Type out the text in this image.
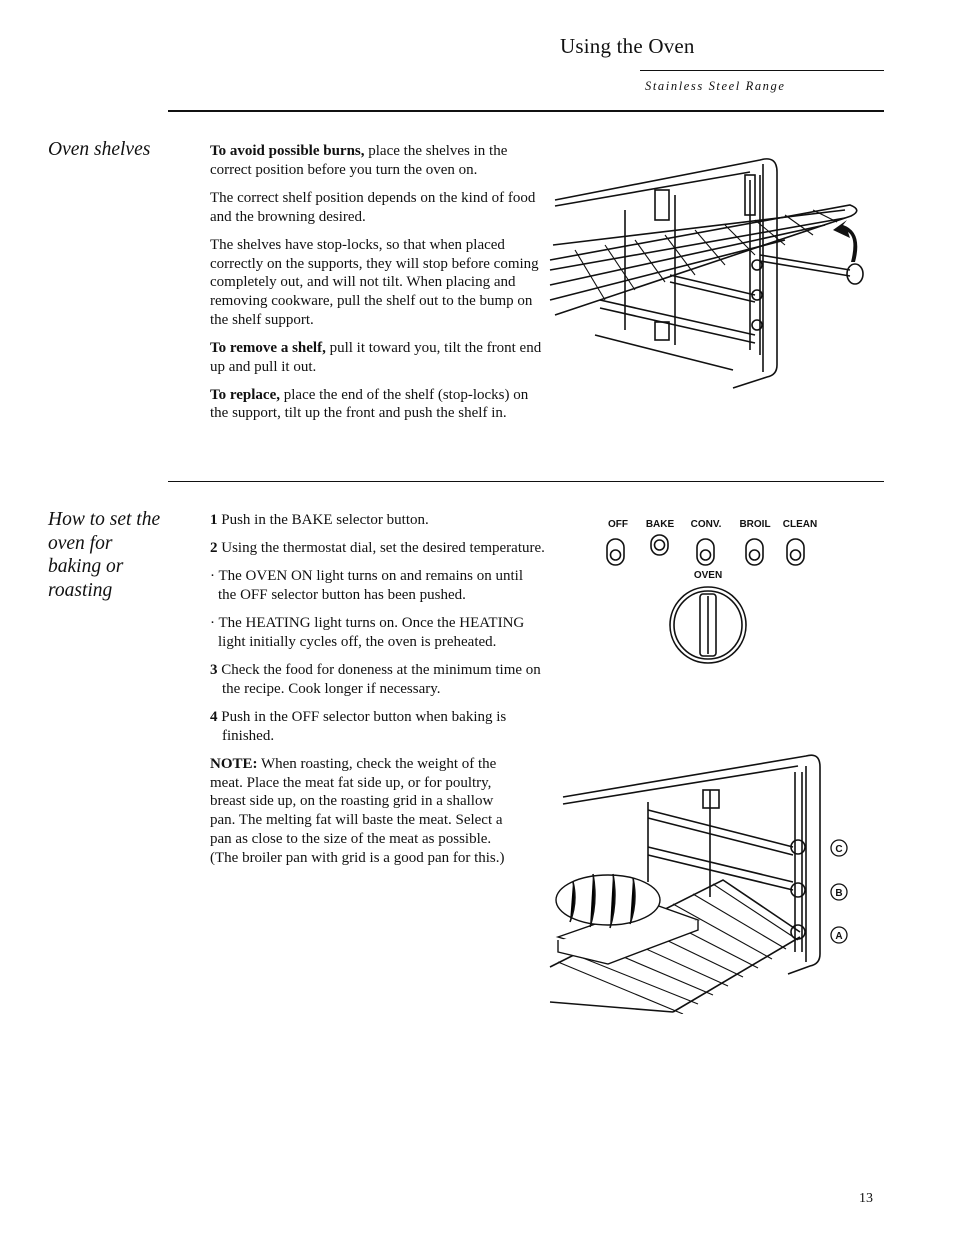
Using the Oven
Stainless Steel Range
Oven shelves	To avoid possible burns, place the shelves in the correct position before you turn the oven on.

The correct shelf position depends on the kind of food and the browning desired.

The shelves have stop-locks, so that when placed correctly on the supports, they will stop before coming completely out, and will not tilt. When placing and removing cookware, pull the shelf out to the bump on the shelf support.

To remove a shelf, pull it toward you, tilt the front end up and pull it out.

To replace, place the end of the shelf (stop-locks) on the support, tilt up the front and push the shelf in.

How to set the oven for baking or roasting

1 Push in the BAKE selector button.

2 Using the thermostat dial, set the desired temperature.

· The OVEN ON light turns on and remains on until the OFF selector button has been pushed.

· The HEATING light turns on. Once the HEATING light initially cycles off, the oven is preheated.

3 Check the food for doneness at the minimum time on the recipe. Cook longer if necessary.

4 Push in the OFF selector button when baking is finished.

NOTE: When roasting, check the weight of the meat. Place the meat fat side up, or for poultry, breast side up, on the roasting grid in a shallow pan. The melting fat will baste the meat. Select a pan as close to the size of the meat as possible. (The broiler pan with grid is a good pan for this.)

OFF BAKE CONV. BROIL CLEAN
OVEN
C
B
A
13
